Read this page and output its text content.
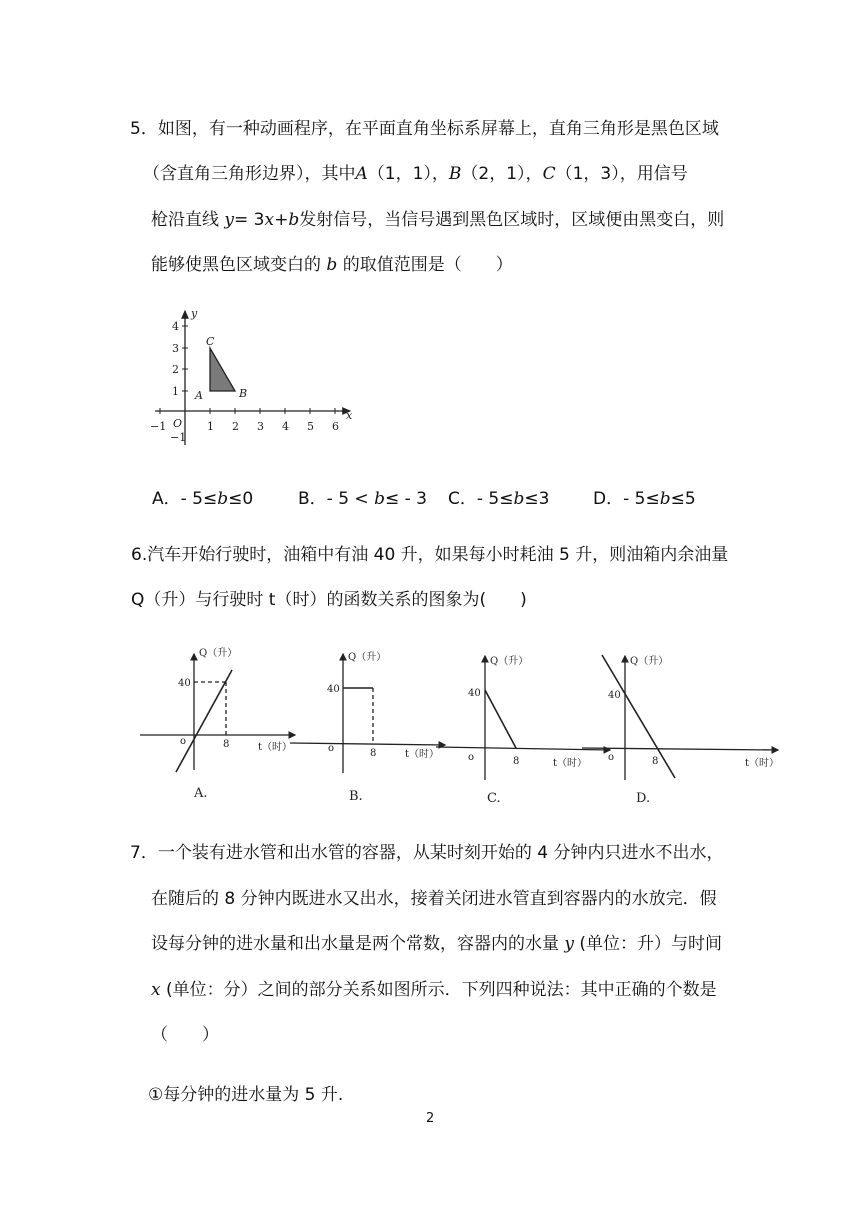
5．如图，有一种动画程序，在平面直角坐标系屏幕上，直角三角形是黑色区域
（含直角三角形边界），其中A（1，1），B（2，1），C（1，3），用信号
枪沿直线 y= 3x+b发射信号，当信号遇到黑色区域时，区域便由黑变白，则
能够使黑色区域变白的 b 的取值范围是（　　）
y
x
O
−1	1 2 3 4 5 6
4
3
2
1
−1
A	B
C
A．- 5≤b≤0	B．- 5 < b≤ - 3 C．- 5≤b≤3	D．- 5≤b≤5
6.汽车开始行驶时，油箱中有油 40 升，如果每小时耗油 5 升，则油箱内余油量
Q（升）与行驶时 t（时）的函数关系的图象为(　　)
Q（升）
40
8
o
t（时）
A.
Q（升）
40
8
o
t（时）
B.
Q（升）
40
8
o
t（时）
C.
Q（升）
40
8
o
t（时）
D.
7．一个装有进水管和出水管的容器，从某时刻开始的 4 分钟内只进水不出水，
在随后的 8 分钟内既进水又出水，接着关闭进水管直到容器内的水放完．假
设每分钟的进水量和出水量是两个常数，容器内的水量 y (单位：升）与时间
x (单位：分）之间的部分关系如图所示．下列四种说法：其中正确的个数是
（　　）
①每分钟的进水量为 5 升.
2
